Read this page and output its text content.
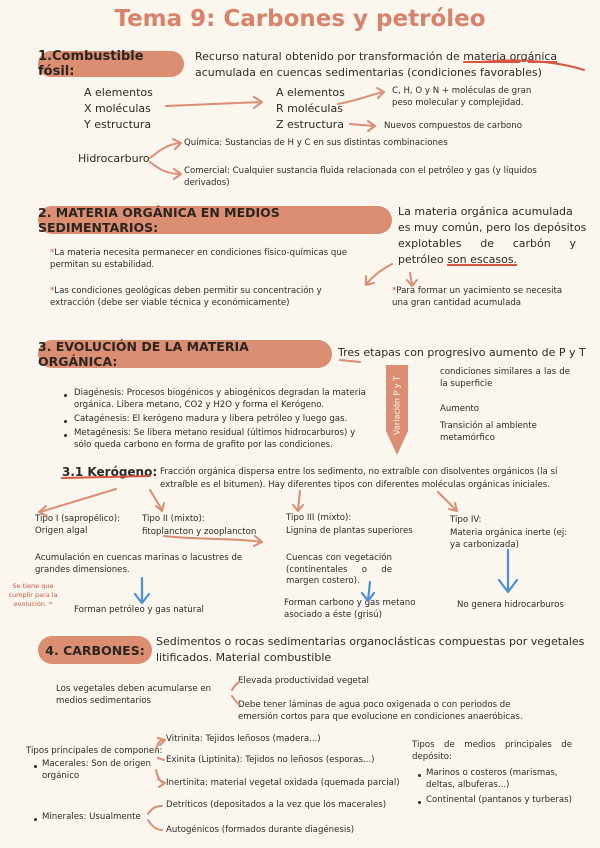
Tema 9: Carbones y petróleo
1.Combustible fósil:
Recurso natural obtenido por transformación de materia orgánica
acumulada en cuencas sedimentarias (condiciones favorables)
A elementos
X moléculas
Y estructura
A elementos
R moléculas
Z estructura
C, H, O y N + moléculas de gran
peso molecular y complejidad.
Nuevos compuestos de carbono
Hidrocarburo
Química: Sustancias de H y C en sus distintas combinaciones
Comercial: Cualquier sustancia fluida relacionada con el petróleo y gas (y líquidos derivados)
2. MATERIA ORGÁNICA EN MEDIOS SEDIMENTARIOS:
La materia orgánica acumulada
es muy común, pero los depósitos
explotables de carbón y
petróleo son escasos.
*La materia necesita permanecer en condiciones físico-químicas que permitan su estabilidad.
*Las condiciones geológicas deben permitir su concentración y extracción (debe ser viable técnica y económicamente)
*Para formar un yacimiento se necesita una gran cantidad acumulada
3. EVOLUCIÓN DE LA MATERIA ORGÁNICA:
Tres etapas con progresivo aumento de P y T
Diagénesis: Procesos biogénicos y abiogénicos degradan la materia orgánica. Libera metano, CO2 y H2O y forma el Kerógeno.
Catagénesis: El kerógeno madura y libera petróleo y luego gas.
Metagénesis: Se libera metano residual (últimos hidrocarburos) y sólo queda carbono en forma de grafito por las condiciones.
Variación P y T
condiciones similares a las de la superficie
Aumento
Transición al ambiente metamórfico
3.1 Kerógeno: Fracción orgánica dispersa entre los sedimento, no extraíble con disolventes orgánicos (la sí
extraíble es el bitumen). Hay diferentes tipos con diferentes moléculas orgánicas iniciales.
Tipo I (sapropélico):
Origen algal
Tipo II (mixto):
fitoplancton y zooplancton
Tipo III (mixto):
Lignina de plantas superiores
Tipo IV:
Materia orgánica inerte (ej: ya carbonizada)
Acumulación en cuencas marinas o lacustres de grandes dimensiones.
Se tiene que cumplir para la evolución. *
Forman petróleo y gas natural
Cuencas con vegetación (continentales o de margen costero).
Forman carbono y gas metano asociado a éste (grisú)
No genera hidrocarburos
4. CARBONES:
Sedimentos o rocas sedimentarias organoclásticas compuestas por vegetales
litificados. Material combustible
Los vegetales deben acumularse en medios sedimentarios
Elevada productividad vegetal
Debe tener láminas de agua poco oxigenada o con periodos de emersión cortos para que evolucione en condiciones anaeróbicas.
Tipos principales de componen:
Macerales: Son de origen orgánico
Vitrinita: Tejidos leñosos (madera...)
Exinita (Liptinita): Tejidos no leñosos (esporas...)
Inertinita: material vegetal oxidada (quemada parcial)
Minerales: Usualmente
Detríticos (depositados a la vez que los macerales)
Autogénicos (formados durante diagénesis)
Tipos de medios principales de depósito:
Marinos o costeros (marismas, deltas, albuferas...)
Continental (pantanos y turberas)
